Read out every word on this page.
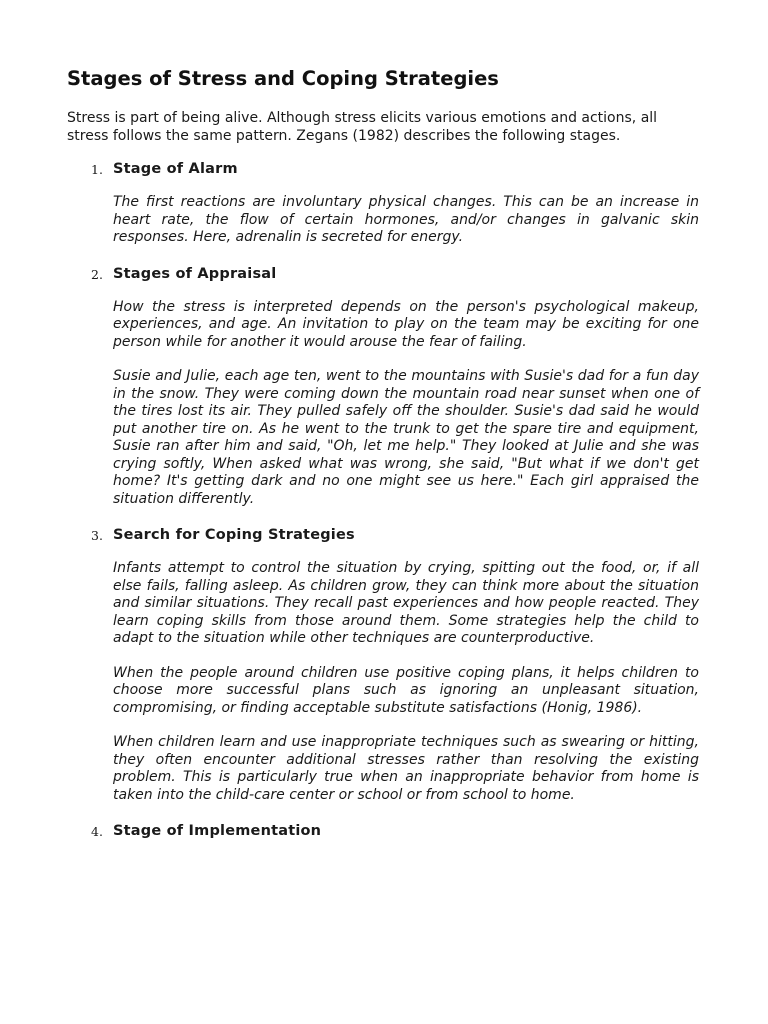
Stages of Stress and Coping Strategies

Stress is part of being alive. Although stress elicits various emotions and actions, all stress follows the same pattern. Zegans (1982) describes the following stages.

1. Stage of Alarm

The first reactions are involuntary physical changes. This can be an increase in heart rate, the flow of certain hormones, and/or changes in galvanic skin responses. Here, adrenalin is secreted for energy.

2. Stages of Appraisal

How the stress is interpreted depends on the person's psychological makeup, experiences, and age. An invitation to play on the team may be exciting for one person while for another it would arouse the fear of failing.

Susie and Julie, each age ten, went to the mountains with Susie's dad for a fun day in the snow. They were coming down the mountain road near sunset when one of the tires lost its air. They pulled safely off the shoulder. Susie's dad said he would put another tire on. As he went to the trunk to get the spare tire and equipment, Susie ran after him and said, "Oh, let me help." They looked at Julie and she was crying softly, When asked what was wrong, she said, "But what if we don't get home? It's getting dark and no one might see us here." Each girl appraised the situation differently.

3. Search for Coping Strategies

Infants attempt to control the situation by crying, spitting out the food, or, if all else fails, falling asleep. As children grow, they can think more about the situation and similar situations. They recall past experiences and how people reacted. They learn coping skills from those around them. Some strategies help the child to adapt to the situation while other techniques are counterproductive.

When the people around children use positive coping plans, it helps children to choose more successful plans such as ignoring an unpleasant situation, compromising, or finding acceptable substitute satisfactions (Honig, 1986).

When children learn and use inappropriate techniques such as swearing or hitting, they often encounter additional stresses rather than resolving the existing problem. This is particularly true when an inappropriate behavior from home is taken into the child-care center or school or from school to home.

4. Stage of Implementation
